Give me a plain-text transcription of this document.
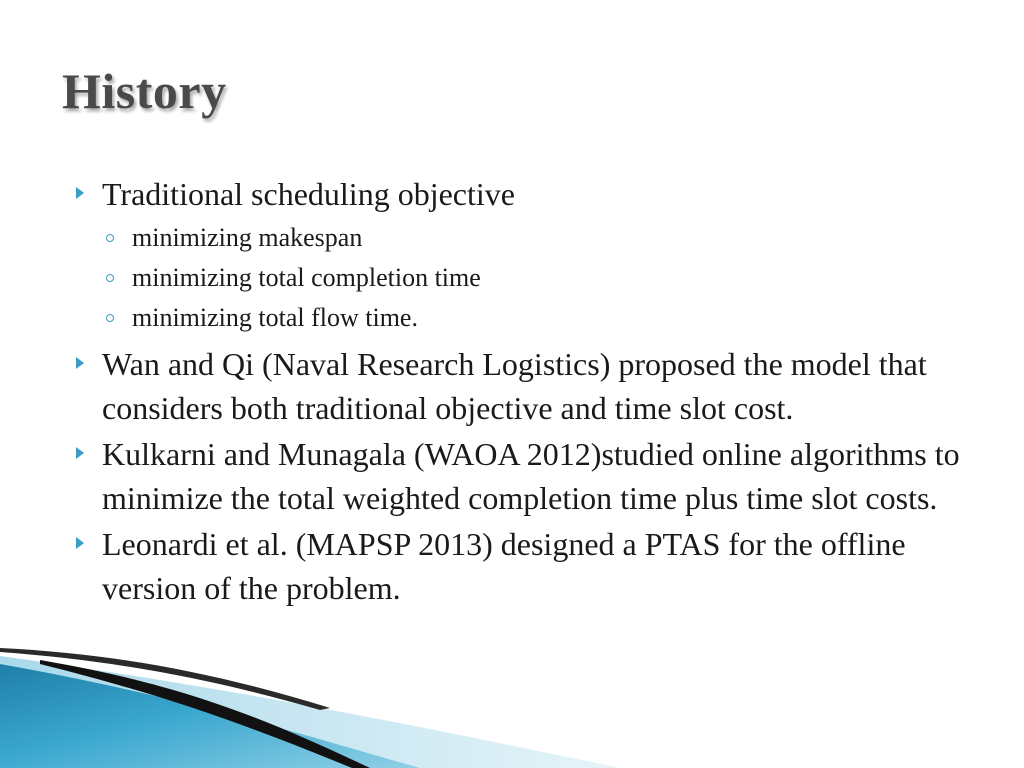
History
Traditional scheduling objective
minimizing makespan
minimizing total completion time
minimizing total flow time.
Wan and Qi (Naval Research Logistics) proposed the model that considers both traditional objective and time slot cost.
Kulkarni and Munagala (WAOA 2012)studied online algorithms to minimize the total weighted completion time plus time slot costs.
Leonardi et al. (MAPSP 2013) designed a PTAS for the offline version of the problem.
